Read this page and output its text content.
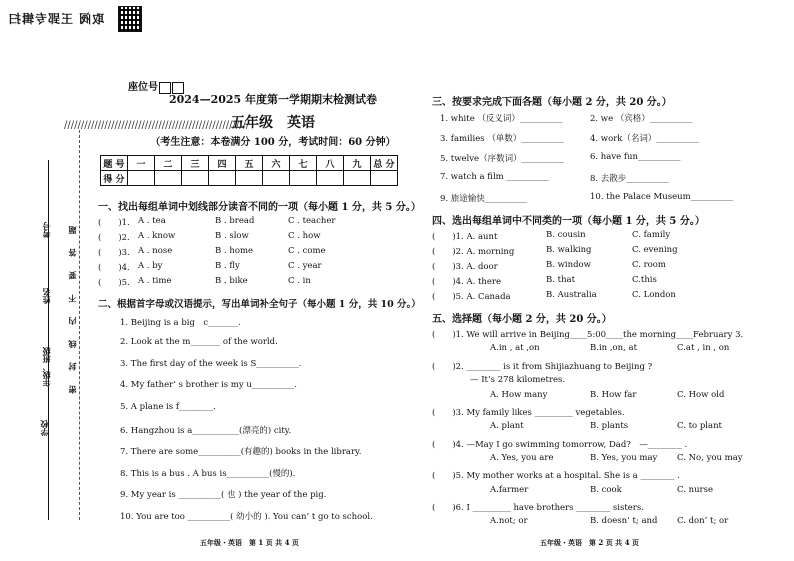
取阀 王郢专辑扫
///////////////////////////////////////////////////////
密 封 线 内 不 要 答 题
学校
年级、班级
姓名
考号
座位号
2024—2025 年度第一学期期末检测试卷
五年级　英语
（考生注意：本卷满分 100 分，考试时间：60 分钟）
题 号	一	二	三	四	五	六	七	八	九	总 分
得 分										
一、找出每组单词中划线部分读音不同的一项（每小题 1 分，共 5 分。）
(　　)1. A . tea	B . bread	C . teacher
(　　)2. A . know	B . slow	C . how
(　　)3. A . nose	B . home	C . come
(　　)4. A . by	B . fly	C . year
(　　)5. A . time	B . bike	C . in
二、根据首字母或汉语提示，写出单词补全句子（每小题 1 分，共 10 分。）
1. Beijing is a big　c_______.
2. Look at the m_______ of the world.
3. The first day of the week is S__________.
4. My father’ s brother is my u__________.
5. A plane is f________.
6. Hangzhou is a___________(漂亮的) city.
7. There are some__________(有趣的) books in the library.
8. This is a bus . A bus is__________(慢的).
9. My year is __________( 也 ) the year of the pig.
10. You are too __________( 幼小的 ). You can’ t go to school.
五年级・英语　第 1 页 共 4 页
三、按要求完成下面各题（每小题 2 分，共 20 分。）
1. white （反义词）__________	2. we （宾格）__________
3. families （单数）__________	4. work（名词）__________
5. twelve（序数词）__________	6. have fun__________
7. watch a film __________	8. 去散步__________
9. 旅途愉快__________	10. the Palace Museum__________
四、选出每组单词中不同类的一项（每小题 1 分，共 5 分。）
(　　)1. A. aunt	B. cousin	C. family
(　　)2. A. morning	B. walking	C. evening
(　　)3. A. door	B. window	C. room
(　　)4. A. there	B. that	C.this
(　　)5. A. Canada	B. Australia	C. London
五、选择题（每小题 2 分，共 20 分。）
(　　)1. We will arrive in Beijing____5:00____the morning____February 3.
A.in , at ,on	B.in ,on, at	C.at , in , on
(　　)2. ________ is it from Shijiazhuang to Beijing ?
— It’s 278 kilometres.
A. How many	B. How far	C. How old
(　　)3. My family likes _________ vegetables.
A. plant	B. plants	C. to plant
(　　)4. —May I go swimming tomorrow, Dad?　—________ .
A. Yes, you are	B. Yes, you may C. No, you may
(　　)5. My mother works at a hospital. She is a ________ .
A.farmer	B. cook	C. nurse
(　　)6. I _________ have brothers ________ sisters.
A.not; or	B. doesn’ t; and C. don’ t; or
五年级・英语　第 2 页 共 4 页
